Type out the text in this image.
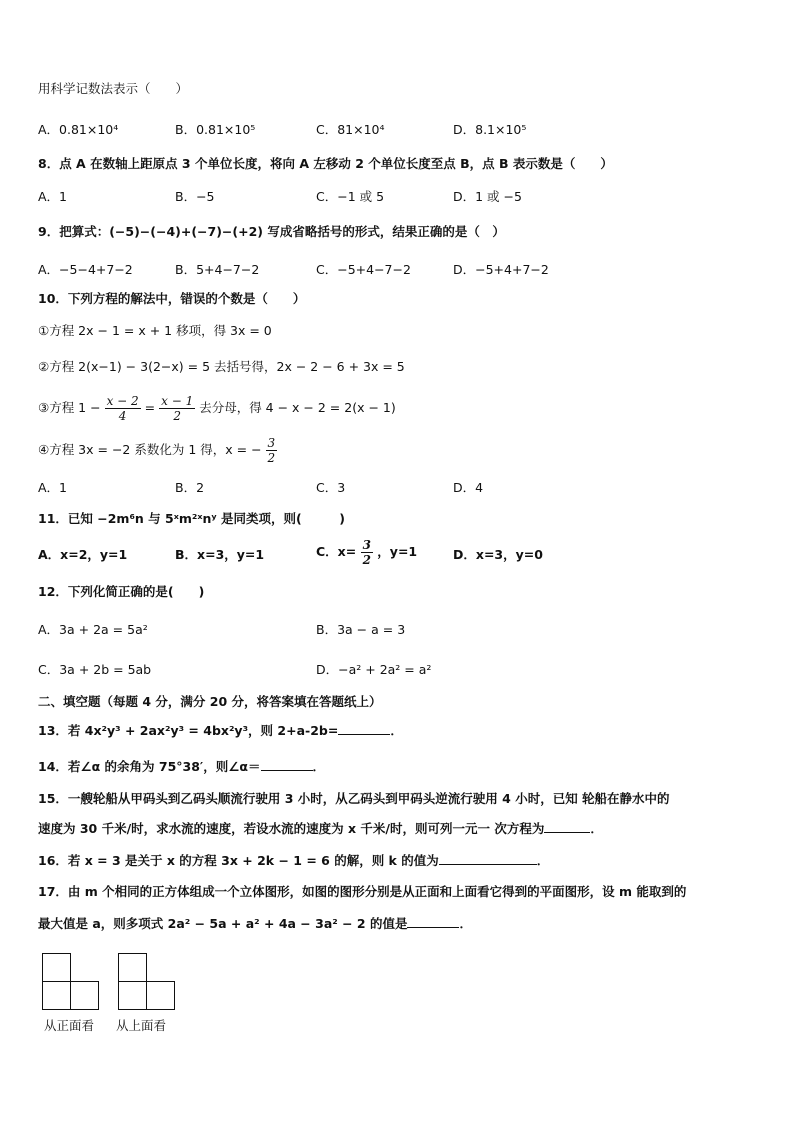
用科学记数法表示（　　）
A．0.81×10⁴	B．0.81×10⁵	C．81×10⁴	D．8.1×10⁵
8．点 A 在数轴上距原点 3 个单位长度，将向 A 左移动 2 个单位长度至点 B，点 B 表示数是（　　）
A．1	B．−5	C．−1 或 5	D．1 或 −5
9．把算式：(−5)−(−4)+(−7)−(+2) 写成省略括号的形式，结果正确的是（　）
A．−5−4+7−2	B．5+4−7−2	C．−5+4−7−2	D．−5+4+7−2
10．下列方程的解法中，错误的个数是（　　）
①方程 2x − 1 = x + 1 移项，得 3x = 0
②方程 2(x−1) − 3(2−x) = 5 去括号得，2x − 2 − 6 + 3x = 5
③方程 $1 - \frac{x - 2}{4} = \frac{x - 1}{2}$ 去分母，得 4 − x − 2 = 2(x − 1)
④方程 3x = −2 系数化为 1 得，x = − $\frac{3}{2}$
A．1	B．2	C．3	D．4
11．已知 −2m⁶n 与 5ˣm²ˣnʸ 是同类项，则(　　　)
A．x=2，y=1	B．x=3，y=1	C．$x= \frac{3}{2}$ ，y=1	D．x=3，y=0
12．下列化简正确的是(　　)
A．3a + 2a = 5a²	B．3a − a = 3
C．3a + 2b = 5ab	D．−a² + 2a² = a²
二、填空题（每题 4 分，满分 20 分，将答案填在答题纸上）
13．若 4x²y³ + 2ax²y³ = 4bx²y³，则 2+a-2b=	．
14．若∠α 的余角为 75°38′，则∠α＝	．
15．一艘轮船从甲码头到乙码头顺流行驶用 3 小时，从乙码头到甲码头逆流行驶用 4 小时，已知 轮船在静水中的
速度为 30 千米/时，求水流的速度，若设水流的速度为 x 千米/时，则可列一元一 次方程为	．
16．若 x = 3 是关于 x 的方程 3x + 2k − 1 = 6 的解，则 k 的值为	．
17．由 m 个相同的正方体组成一个立体图形，如图的图形分别是从正面和上面看它得到的平面图形，设 m 能取到的
最大值是 a，则多项式 2a² − 5a + a² + 4a − 3a² − 2 的值是	．
从正面看 从上面看
